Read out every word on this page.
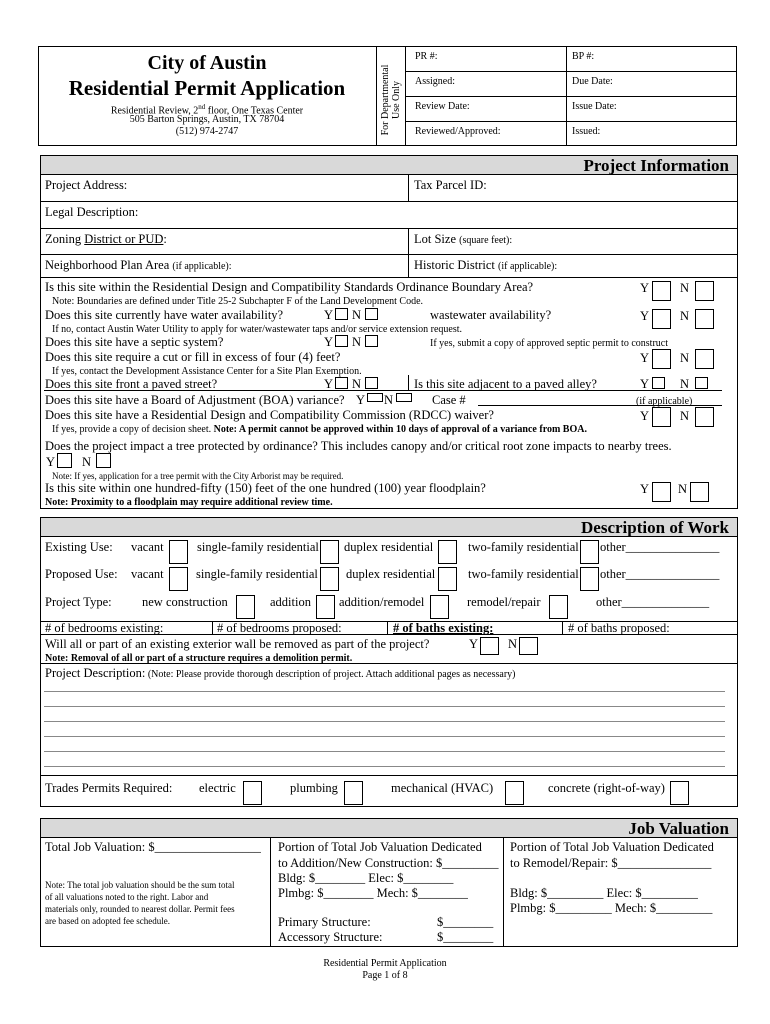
City of Austin
Residential Permit Application
Residential Review, 2nd floor, One Texas Center
505 Barton Springs, Austin, TX 78704
(512) 974-2747	For Departmental Use Only
PR #:	BP #:
Assigned:	Due Date:
Review Date:	Issue Date:
Reviewed/Approved:	Issued:
Project Information
Project Address:	Tax Parcel ID:
Legal Description:
Zoning District or PUD:	Lot Size (square feet):
Neighborhood Plan Area (if applicable):	Historic District (if applicable):
Is this site within the Residential Design and Compatibility Standards Ordinance Boundary Area?
Note: Boundaries are defined under Title 25-2 Subchapter F of the Land Development Code.
Y N
Does this site currently have water availability?	Y N	wastewater availability?	Y N
If no, contact Austin Water Utility to apply for water/wastewater taps and/or service extension request.
Does this site have a septic system?	Y N	If yes, submit a copy of approved septic permit to construct
Does this site require a cut or fill in excess of four (4) feet?	Y N
If yes, contact the Development Assistance Center for a Site Plan Exemption.
Does this site front a paved street?	Y N	Is this site adjacent to a paved alley?	Y N
Does this site have a Board of Adjustment (BOA) variance? Y N	Case #	(if applicable)
Does this site have a Residential Design and Compatibility Commission (RDCC) waiver?	Y N
If yes, provide a copy of decision sheet. Note: A permit cannot be approved within 10 days of approval of a variance from BOA.
Does the project impact a tree protected by ordinance? This includes canopy and/or critical root zone impacts to nearby trees.
Y N
Note: If yes, application for a tree permit with the City Arborist may be required.
Is this site within one hundred-fifty (150) feet of the one hundred (100) year floodplain?	Y N
Note: Proximity to a floodplain may require additional review time.
Description of Work
Existing Use: vacant	single-family residential duplex residential	two-family residential other_______________
Proposed Use: vacant	single-family residential duplex residential	two-family residential other_______________
Project Type: new construction	addition addition/remodel	remodel/repair	other______________
# of bedrooms existing:	# of bedrooms proposed:	# of baths existing:	# of baths proposed:
Will all or part of an existing exterior wall be removed as part of the project?	Y N
Note: Removal of all or part of a structure requires a demolition permit.
Project Description: (Note: Please provide thorough description of project. Attach additional pages as necessary)
Trades Permits Required: electric	plumbing	mechanical (HVAC)	concrete (right-of-way)
Job Valuation
Total Job Valuation: $_________________
Note: The total job valuation should be the sum total
of all valuations noted to the right. Labor and
materials only, rounded to nearest dollar. Permit fees
are based on adopted fee schedule.
Portion of Total Job Valuation Dedicated
to Addition/New Construction: $_________
Bldg: $________ Elec: $________
Plmbg: $________ Mech: $________
Primary Structure:	$________
Accessory Structure:	$________
Portion of Total Job Valuation Dedicated
to Remodel/Repair: $_______________
Bldg: $_________ Elec: $_________
Plmbg: $_________ Mech: $_________
Residential Permit Application
Page 1 of 8
